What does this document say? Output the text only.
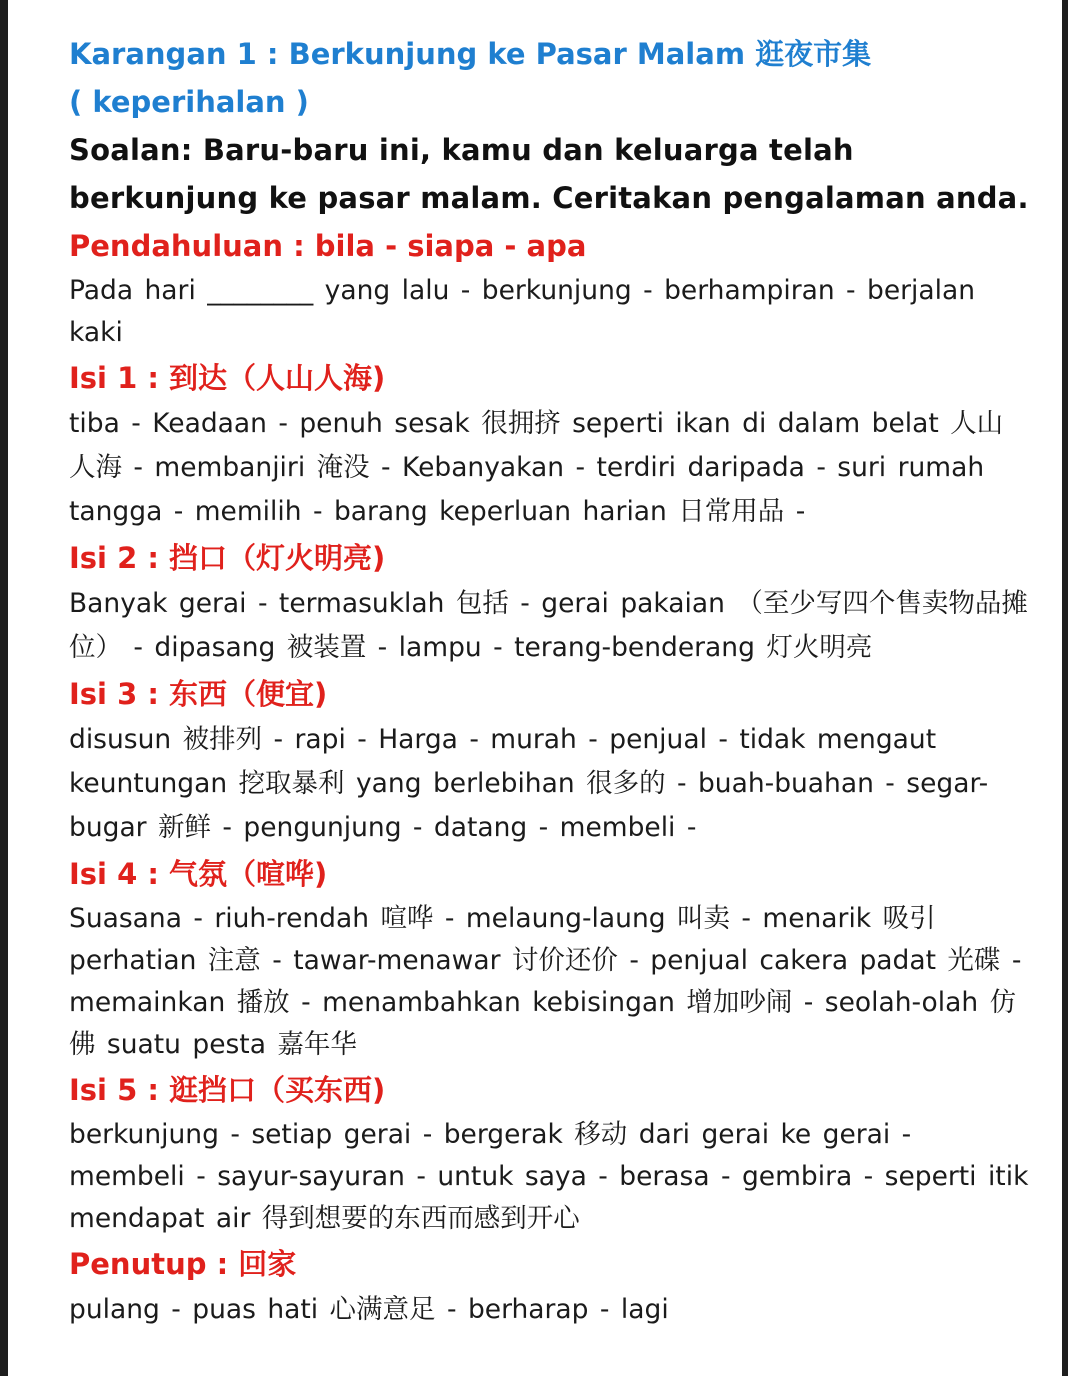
Karangan 1 : Berkunjung ke Pasar Malam 逛夜市集

( keperihalan )

Soalan: Baru-baru ini, kamu dan keluarga telah berkunjung ke pasar malam. Ceritakan pengalaman anda.

Pendahuluan : bila - siapa - apa

Pada hari ________ yang lalu - berkunjung - berhampiran - berjalan kaki

Isi 1 : 到达（人山人海)

tiba - Keadaan - penuh sesak 很拥挤 seperti ikan di dalam belat 人山人海 - membanjiri 淹没 - Kebanyakan - terdiri daripada - suri rumah tangga - memilih - barang keperluan harian 日常用品 -

Isi 2 : 挡口（灯火明亮)

Banyak gerai - termasuklah 包括 - gerai pakaian （至少写四个售卖物品摊位） - dipasang 被装置 - lampu - terang-benderang 灯火明亮

Isi 3 : 东西（便宜)

disusun 被排列 - rapi - Harga - murah - penjual - tidak mengaut keuntungan 挖取暴利 yang berlebihan 很多的 - buah-buahan - segar-bugar 新鲜 - pengunjung - datang - membeli -

Isi 4 : 气氛（喧哗)

Suasana - riuh-rendah 喧哗 - melaung-laung 叫卖 - menarik 吸引 perhatian 注意 - tawar-menawar 讨价还价 - penjual cakera padat 光碟 - memainkan 播放 - menambahkan kebisingan 增加吵闹 - seolah-olah 仿佛 suatu pesta 嘉年华

Isi 5 : 逛挡口（买东西)

berkunjung - setiap gerai - bergerak 移动 dari gerai ke gerai - membeli - sayur-sayuran - untuk saya - berasa - gembira - seperti itik mendapat air 得到想要的东西而感到开心

Penutup : 回家

pulang - puas hati 心满意足 - berharap - lagi
